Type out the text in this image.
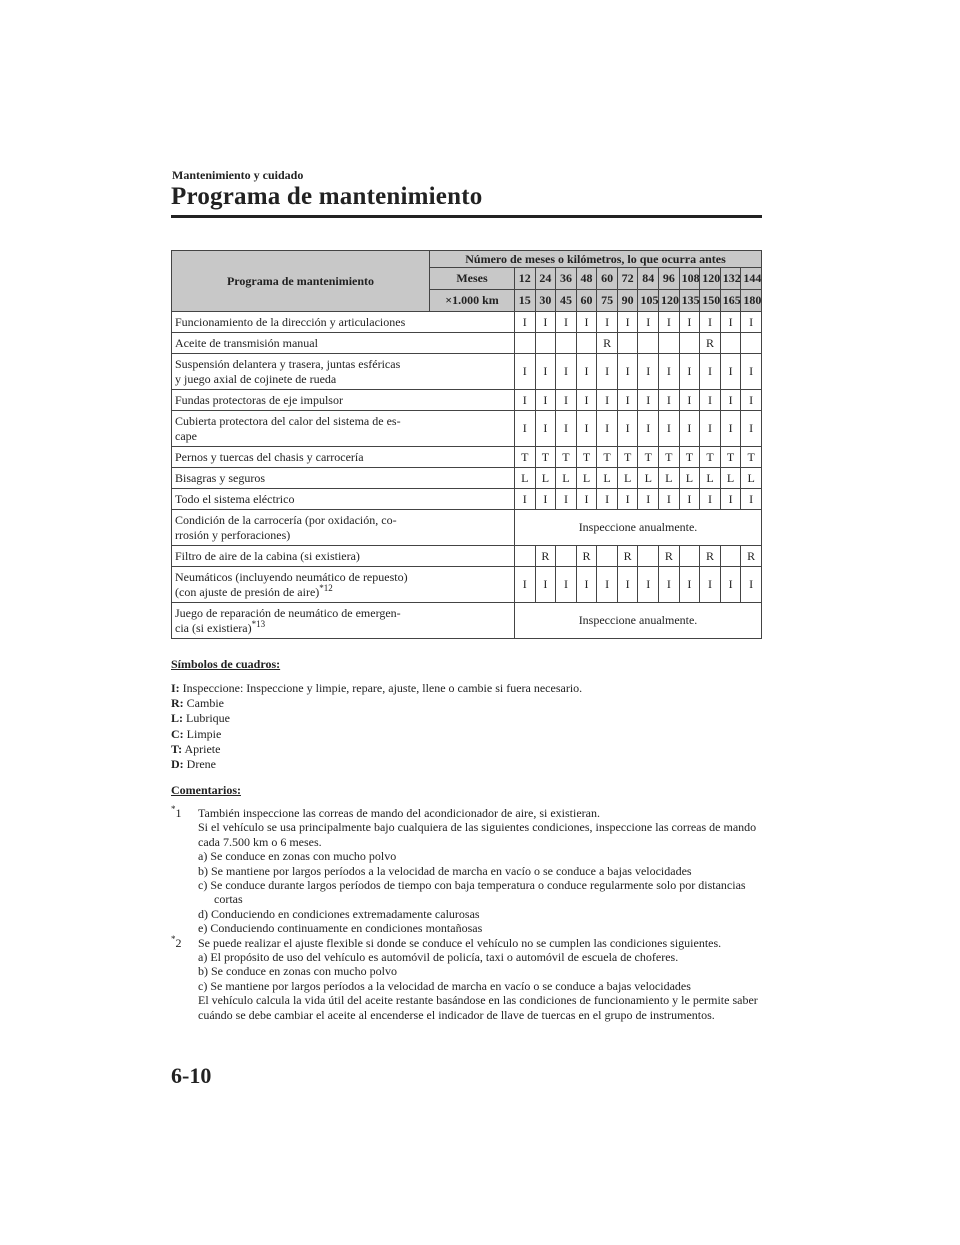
Mantenimiento y cuidado
Programa de mantenimiento
Programa de mantenimiento	Número de meses o kilómetros, lo que ocurra antes												
	Meses	12	24	36	48	60	72	84	96	108	120	132	144
	×1.000 km	15	30	45	60	75	90	105	120	135	150	165	180
Funcionamiento de la dirección y articulaciones		I	I	I	I	I	I	I	I	I	I	I	I
Aceite de transmisión manual						R					R		
Suspensión delantera y trasera, juntas esféricas
y juego axial de cojinete de rueda		I	I	I	I	I	I	I	I	I	I	I	I
Fundas protectoras de eje impulsor		I	I	I	I	I	I	I	I	I	I	I	I
Cubierta protectora del calor del sistema de es-
cape		I	I	I	I	I	I	I	I	I	I	I	I
Pernos y tuercas del chasis y carrocería		T	T	T	T	T	T	T	T	T	T	T	T
Bisagras y seguros		L	L	L	L	L	L	L	L	L	L	L	L
Todo el sistema eléctrico		I	I	I	I	I	I	I	I	I	I	I	I
Condición de la carrocería (por oxidación, co-
rrosión y perforaciones)		Inspeccione anualmente.											
Filtro de aire de la cabina (si existiera)			R		R		R		R		R		R
Neumáticos (incluyendo neumático de repuesto)
(con ajuste de presión de aire)$^{*12}$		I	I	I	I	I	I	I	I	I	I	I	I
Juego de reparación de neumático de emergen-
cia (si existiera)$^{*13}$		Inspeccione anualmente.											
Símbolos de cuadros:
I: Inspeccione: Inspeccione y limpie, repare, ajuste, llene o cambie si fuera necesario.
R: Cambie
L: Lubrique
C: Limpie
T: Apriete
D: Drene
Comentarios:
*1 También inspeccione las correas de mando del acondicionador de aire, si existieran.
Si el vehículo se usa principalmente bajo cualquiera de las siguientes condiciones, inspeccione las correas de mando cada 7.500 km o 6 meses.
a) Se conduce en zonas con mucho polvo
b) Se mantiene por largos períodos a la velocidad de marcha en vacío o se conduce a bajas velocidades
c) Se conduce durante largos períodos de tiempo con baja temperatura o conduce regularmente solo por distancias cortas
d) Conduciendo en condiciones extremadamente calurosas
e) Conduciendo continuamente en condiciones montañosas
*2 Se puede realizar el ajuste flexible si donde se conduce el vehículo no se cumplen las condiciones siguientes.
a) El propósito de uso del vehículo es automóvil de policía, taxi o automóvil de escuela de choferes.
b) Se conduce en zonas con mucho polvo
c) Se mantiene por largos períodos a la velocidad de marcha en vacío o se conduce a bajas velocidades
El vehículo calcula la vida útil del aceite restante basándose en las condiciones de funcionamiento y le permite saber cuándo se debe cambiar el aceite al encenderse el indicador de llave de tuercas en el grupo de instrumentos.
6-10
